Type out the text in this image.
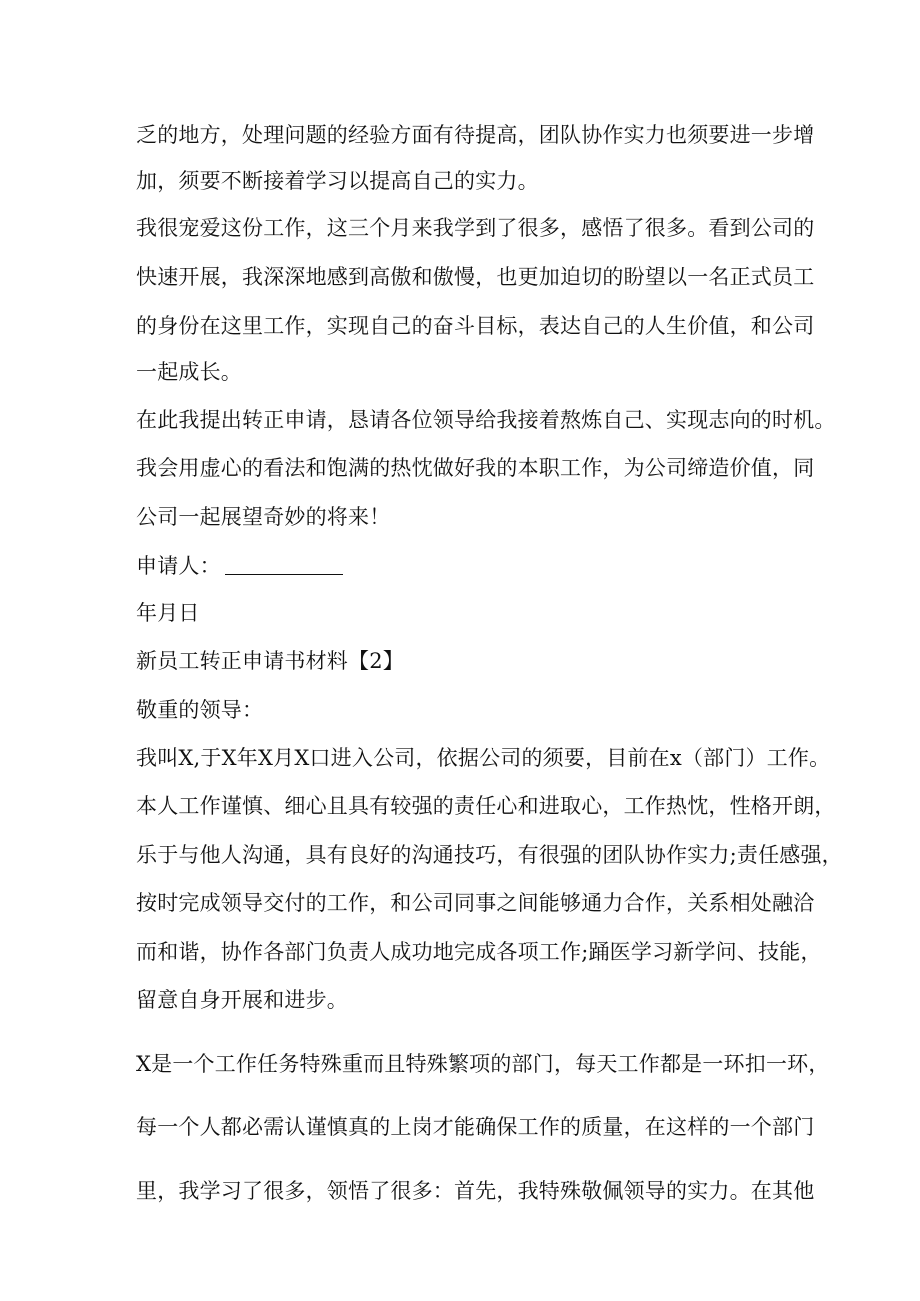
乏的地方，处理问题的经验方面有待提高，团队协作实力也须要进一步增
加，须要不断接着学习以提高自己的实力。
我很宠爱这份工作，这三个月来我学到了很多，感悟了很多。看到公司的
快速开展，我深深地感到高傲和傲慢，也更加迫切的盼望以一名正式员工
的身份在这里工作，实现自己的奋斗目标，表达自己的人生价值，和公司
一起成长。
在此我提出转正申请，恳请各位领导给我接着熬炼自己、实现志向的时机。
我会用虚心的看法和饱满的热忱做好我的本职工作，为公司缔造价值，同
公司一起展望奇妙的将来！
申请人：
年月日
新员工转正申请书材料【2】
敬重的领导：
我叫X,于X年X月X口进入公司，依据公司的须要，目前在x（部门）工作。
本人工作谨慎、细心且具有较强的责任心和进取心，工作热忱，性格开朗，
乐于与他人沟通，具有良好的沟通技巧，有很强的团队协作实力;责任感强，
按时完成领导交付的工作，和公司同事之间能够通力合作，关系相处融洽
而和谐，协作各部门负责人成功地完成各项工作;踊医学习新学问、技能，
留意自身开展和进步。
X是一个工作任务特殊重而且特殊繁项的部门，每天工作都是一环扣一环，
每一个人都必需认谨慎真的上岗才能确保工作的质量，在这样的一个部门
里，我学习了很多，领悟了很多：首先，我特殊敬佩领导的实力。在其他
